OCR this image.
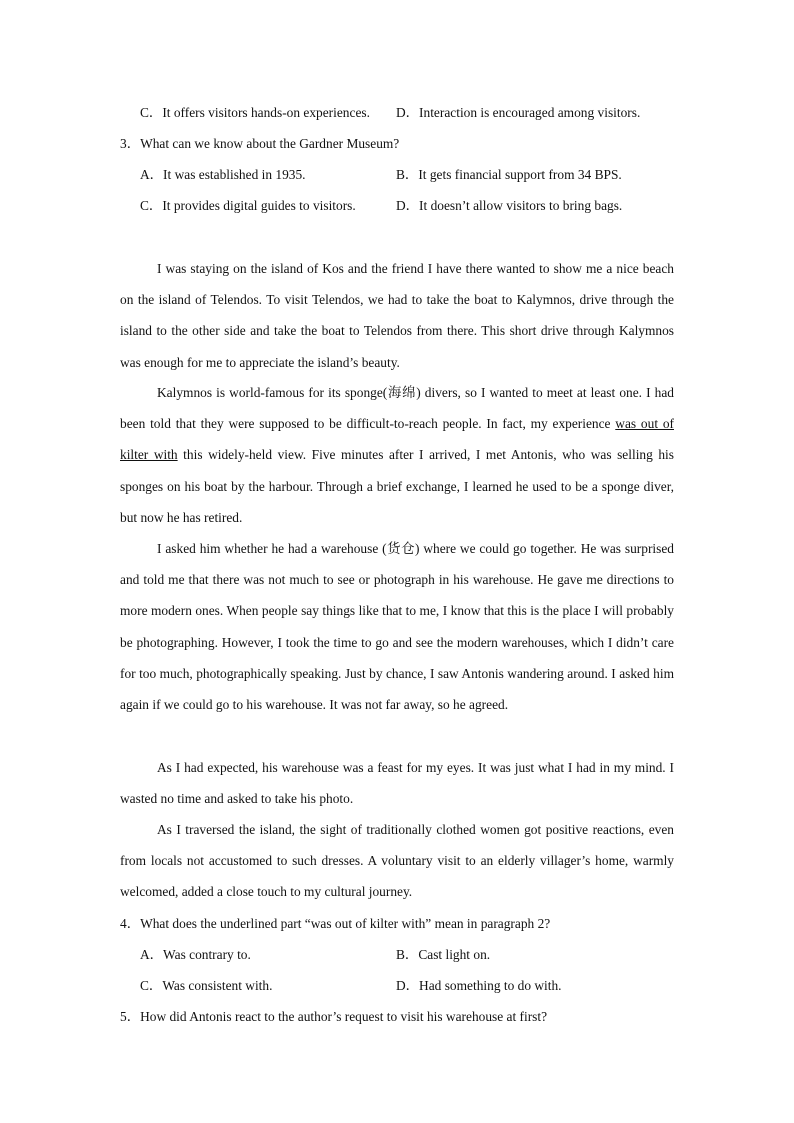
C．It offers visitors hands-on experiences. D．Interaction is encouraged among visitors.
3．What can we know about the Gardner Museum?
A．It was established in 1935.	B．It gets financial support from 34 BPS.
C．It provides digital guides to visitors.	D．It doesn’t allow visitors to bring bags.

I was staying on the island of Kos and the friend I have there wanted to show me a nice beach on the island of Telendos. To visit Telendos, we had to take the boat to Kalymnos, drive through the island to the other side and take the boat to Telendos from there. This short drive through Kalymnos was enough for me to appreciate the island’s beauty.

Kalymnos is world-famous for its sponge(海绵) divers, so I wanted to meet at least one. I had been told that they were supposed to be difficult-to-reach people. In fact, my experience was out of kilter with this widely-held view. Five minutes after I arrived, I met Antonis, who was selling his sponges on his boat by the harbour. Through a brief exchange, I learned he used to be a sponge diver, but now he has retired.

I asked him whether he had a warehouse (货仓) where we could go together. He was surprised and told me that there was not much to see or photograph in his warehouse. He gave me directions to more modern ones. When people say things like that to me, I know that this is the place I will probably be photographing. However, I took the time to go and see the modern warehouses, which I didn’t care for too much, photographically speaking. Just by chance, I saw Antonis wandering around. I asked him again if we could go to his warehouse. It was not far away, so he agreed.

As I had expected, his warehouse was a feast for my eyes. It was just what I had in my mind. I wasted no time and asked to take his photo.

As I traversed the island, the sight of traditionally clothed women got positive reactions, even from locals not accustomed to such dresses. A voluntary visit to an elderly villager’s home, warmly welcomed, added a close touch to my cultural journey.

4．What does the underlined part “was out of kilter with” mean in paragraph 2?
A．Was contrary to.	B．Cast light on.
C．Was consistent with.	D．Had something to do with.
5．How did Antonis react to the author’s request to visit his warehouse at first?
